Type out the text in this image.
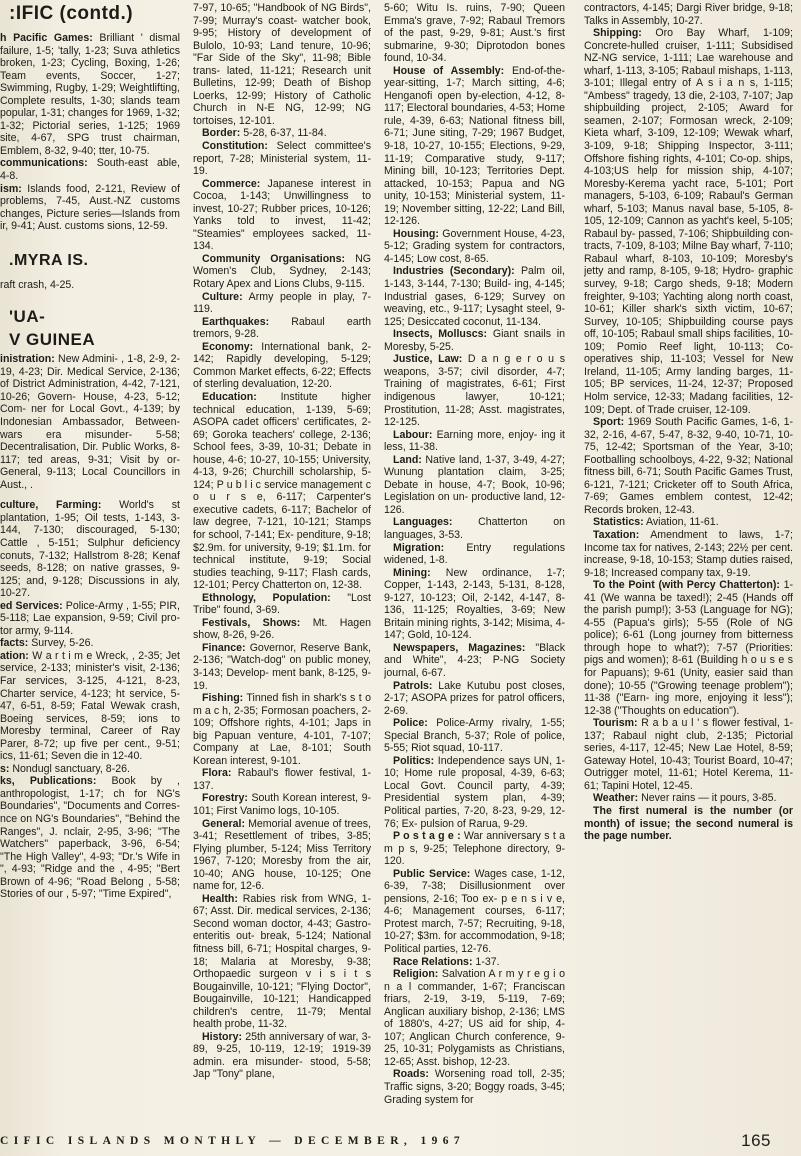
:IFIC (contd.)

h Pacific Games: Brilliant ' dismal failure, 1-5; 'tally, 1-23; Suva athletics broken, 1-23; Cycling, Boxing, 1-26; Team events, Soccer, 1-27; Swimming, Rugby, 1-29; Weightlifting, Complete results, 1-30; slands team popular, 1-31; changes for 1969, 1-32; 1-32; Pictorial series, 1-125; 1969 site, 4-67, SPG trust chairman, Emblem, 8-32, 9-40; tter, 10-75.

communications: South-east able, 4-8.

ism: Islands food, 2-121, Review of problems, 7-45, Aust.-NZ customs changes, Picture series—Islands from ir, 9-41; Aust. customs sions, 12-59.

.MYRA IS.

raft crash, 4-25.

'UA-

V GUINEA

inistration: New Admini- , 1-8, 2-9, 2-19, 4-23; Dir. Medical Service, 2-136; of District Administration, 4-42, 7-121, 10-26; Govern- House, 4-23, 5-12; Com- ner for Local Govt., 4-139; by Indonesian Ambassador, Between-wars era misunder- 5-58; Decentralisation, Dir. Public Works, 8-117; ted areas, 9-31; Visit by or-General, 9-113; Local Councillors in Aust., .

culture, Farming: World's st plantation, 1-95; Oil tests, 1-143, 3-144, 7-130; discouraged, 5-130; Cattle , 5-151; Sulphur deficiency conuts, 7-132; Hallstrom 8-28; Kenaf seeds, 8-128; on native grasses, 9-125; and, 9-128; Discussions in aly, 10-27.

ed Services: Police-Army , 1-55; PIR, 5-118; Lae expansion, 9-59; Civil pro- tor army, 9-114.

facts: Survey, 5-26.

ation: W a r t i m e Wreck, , 2-35; Jet service, 2-133; minister's visit, 2-136; Far services, 3-125, 4-121, 8-23, Charter service, 4-123; ht service, 5-47, 6-51, 8-59; Fatal Wewak crash, Boeing services, 8-59; ions to Moresby terminal, Career of Ray Parer, 8-72; up five per cent., 9-51; ics, 11-61; Seven die in 12-40.

s: Nondugl sanctuary, 8-26.

ks, Publications: Book by , anthropologist, 1-17; ch for NG's Boundaries", "Documents and Corres- nce on NG's Boundaries", "Behind the Ranges", J. nclair, 2-95, 3-96; "The Watchers" paperback, 3-96, 6-54; "The High Valley", 4-93; "Dr.'s Wife in ", 4-93; "Ridge and the , 4-95; "Bert Brown of 4-96; "Road Belong , 5-58; Stories of our , 5-97; "Time Expired",

7-97, 10-65; "Handbook of NG Birds", 7-99; Murray's coast- watcher book, 9-95; History of development of Bulolo, 10-93; Land tenure, 10-96; "Far Side of the Sky", 11-98; Bible trans- lated, 11-121; Research unit Bulletins, 12-99; Death of Bishop Loerks, 12-99; History of Catholic Church in N-E NG, 12-99; NG tortoises, 12-101.

Border: 5-28, 6-37, 11-84.

Constitution: Select committee's report, 7-28; Ministerial system, 11-19.

Commerce: Japanese interest in Cocoa, 1-143; Unwillingness to invest, 10-27; Rubber prices, 10-126; Yanks told to invest, 11-42; "Steamies" employees sacked, 11-134.

Community Organisations: NG Women's Club, Sydney, 2-143; Rotary Apex and Lions Clubs, 9-115.

Culture: Army people in play, 7-119.

Earthquakes: Rabaul earth tremors, 9-28.

Economy: International bank, 2-142; Rapidly developing, 5-129; Common Market effects, 6-22; Effects of sterling devaluation, 12-20.

Education: Institute higher technical education, 1-139, 5-69; ASOPA cadet officers' certificates, 2-69; Goroka teachers' college, 2-136; School fees, 3-39, 10-31; Debate in house, 4-6; 10-27, 10-155; University, 4-13, 9-26; Churchill scholarship, 5-124; P u b l i c service management c o u r s e, 6-117; Carpenter's executive cadets, 6-117; Bachelor of law degree, 7-121, 10-121; Stamps for school, 7-141; Ex- penditure, 9-18; $2.9m. for university, 9-19; $1.1m. for technical institute, 9-19; Social studies teaching, 9-117; Flash cards, 12-101; Percy Chatterton on, 12-38.

Ethnology, Population: "Lost Tribe" found, 3-69.

Festivals, Shows: Mt. Hagen show, 8-26, 9-26.

Finance: Governor, Reserve Bank, 2-136; "Watch-dog" on public money, 3-143; Develop- ment bank, 8-125, 9-19.

Fishing: Tinned fish in shark's s t o m a c h, 2-35; Formosan poachers, 2-109; Offshore rights, 4-101; Japs in big Papuan venture, 4-101, 7-107; Company at Lae, 8-101; South Korean interest, 9-101.

Flora: Rabaul's flower festival, 1-137.

Forestry: South Korean interest, 9-101; First Vanimo logs, 10-105.

General: Memorial avenue of trees, 3-41; Resettlement of tribes, 3-85; Flying plumber, 5-124; Miss Territory 1967, 7-120; Moresby from the air, 10-40; ANG house, 10-125; One name for, 12-6.

Health: Rabies risk from WNG, 1-67; Asst. Dir. medical services, 2-136; Second woman doctor, 4-43; Gastro-enteritis out- break, 5-124; National fitness bill, 6-71; Hospital charges, 9-18; Malaria at Moresby, 9-38; Orthopaedic surgeon v i s i t s Bougainville, 10-121; "Flying Doctor", Bougainville, 10-121; Handicapped children's centre, 11-79; Mental health probe, 11-32.

History: 25th anniversary of war, 3-89, 9-25, 10-119, 12-19; 1919-39 admin. era misunder- stood, 5-58; Jap "Tony" plane,

5-60; Witu Is. ruins, 7-90; Queen Emma's grave, 7-92; Rabaul Tremors of the past, 9-29, 9-81; Aust.'s first submarine, 9-30; Diprotodon bones found, 10-34.

House of Assembly: End-of-the- year-sitting, 1-7; March sitting, 4-6; Henganofi open by-election, 4-12, 8-117; Electoral boundaries, 4-53; Home rule, 4-39, 6-63; National fitness bill, 6-71; June siting, 7-29; 1967 Budget, 9-18, 10-27, 10-155; Elections, 9-29, 11-19; Comparative study, 9-117; Mining bill, 10-123; Territories Dept. attacked, 10-153; Papua and NG unity, 10-153; Ministerial system, 11-19; November sitting, 12-22; Land Bill, 12-126.

Housing: Government House, 4-23, 5-12; Grading system for contractors, 4-145; Low cost, 8-65.

Industries (Secondary): Palm oil, 1-143, 3-144, 7-130; Build- ing, 4-145; Industrial gases, 6-129; Survey on weaving, etc., 9-117; Lysaght steel, 9-125; Desiccated coconut, 11-134.

Insects, Molluscs: Giant snails in Moresby, 5-25.

Justice, Law: D a n g e r o u s weapons, 3-57; civil disorder, 4-7; Training of magistrates, 6-61; First indigenous lawyer, 10-121; Prostitution, 11-28; Asst. magistrates, 12-125.

Labour: Earning more, enjoy- ing it less, 11-38.

Land: Native land, 1-37, 3-49, 4-27; Wunung plantation claim, 3-25; Debate in house, 4-7; Book, 10-96; Legislation on un- productive land, 12-126.

Languages: Chatterton on languages, 3-53.

Migration: Entry regulations widened, 1-8.

Mining: New ordinance, 1-7; Copper, 1-143, 2-143, 5-131, 8-128, 9-127, 10-123; Oil, 2-142, 4-147, 8-136, 11-125; Royalties, 3-69; New Britain mining rights, 3-142; Misima, 4-147; Gold, 10-124.

Newspapers, Magazines: "Black and White", 4-23; P-NG Society journal, 6-67.

Patrols: Lake Kutubu post closes, 2-17; ASOPA prizes for patrol officers, 2-69.

Police: Police-Army rivalry, 1-55; Special Branch, 5-37; Role of police, 5-55; Riot squad, 10-117.

Politics: Independence says UN, 1-10; Home rule proposal, 4-39, 6-63; Local Govt. Council party, 4-39; Presidential system plan, 4-39; Political parties, 7-20, 8-23, 9-29, 12-76; Ex- pulsion of Rarua, 9-29.

P o s t a g e : War anniversary s t a m p s, 9-25; Telephone directory, 9-120.

Public Service: Wages case, 1-12, 6-39, 7-38; Disillusionment over pensions, 2-16; Too ex- p e n s i v e, 4-6; Management courses, 6-117; Protest march, 7-57; Recruiting, 9-18, 10-27; $3m. for accommodation, 9-18; Political parties, 12-76.

Race Relations: 1-37.

Religion: Salvation A r m y r e g i o n a l commander, 1-67; Franciscan friars, 2-19, 3-19, 5-119, 7-69; Anglican auxiliary bishop, 2-136; LMS of 1880's, 4-27; US aid for ship, 4-107; Anglican Church conference, 9-25, 10-31; Polygamists as Christians, 12-65; Asst. bishop, 12-23.

Roads: Worsening road toll, 2-35; Traffic signs, 3-20; Boggy roads, 3-45; Grading system for

contractors, 4-145; Dargi River bridge, 9-18; Talks in Assembly, 10-27.

Shipping: Oro Bay Wharf, 1-109; Concrete-hulled cruiser, 1-111; Subsidised NZ-NG service, 1-111; Lae warehouse and wharf, 1-113, 3-105; Rabaul mishaps, 1-113, 3-101; Illegal entry of A s i a n s, 1-115; "Ambess" tragedy, 13 die, 2-103, 7-107; Jap shipbuilding project, 2-105; Award for seamen, 2-107; Formosan wreck, 2-109; Kieta wharf, 3-109, 12-109; Wewak wharf, 3-109, 9-18; Shipping Inspector, 3-111; Offshore fishing rights, 4-101; Co-op. ships, 4-103;US help for mission ship, 4-107; Moresby-Kerema yacht race, 5-101; Port managers, 5-103, 6-109; Rabaul's German wharf, 5-103; Manus naval base, 5-105, 8-105, 12-109; Cannon as yacht's keel, 5-105; Rabaul by- passed, 7-106; Shipbuilding con- tracts, 7-109, 8-103; Milne Bay wharf, 7-110; Rabaul wharf, 8-103, 10-109; Moresby's jetty and ramp, 8-105, 9-18; Hydro- graphic survey, 9-18; Cargo sheds, 9-18; Modern freighter, 9-103; Yachting along north coast, 10-61; Killer shark's sixth victim, 10-67; Survey, 10-105; Shipbuilding course pays off, 10-105; Rabaul small ships facilities, 10-109; Pomio Reef light, 10-113; Co-operatives ship, 11-103; Vessel for New Ireland, 11-105; Army landing barges, 11-105; BP services, 11-24, 12-37; Proposed Holm service, 12-33; Madang facilities, 12-109; Dept. of Trade cruiser, 12-109.

Sport: 1969 South Pacific Games, 1-6, 1-32, 2-16, 4-67, 5-47, 8-32, 9-40, 10-71, 10-75, 12-42; Sportsman of the Year, 3-10; Footballing schoolboys, 4-22, 9-32; National fitness bill, 6-71; South Pacific Games Trust, 6-121, 7-121; Cricketer off to South Africa, 7-69; Games emblem contest, 12-42; Records broken, 12-43.

Statistics: Aviation, 11-61.

Taxation: Amendment to laws, 1-7; Income tax for natives, 2-143; 22½ per cent. increase, 9-18, 10-153; Stamp duties raised, 9-18; Increased company tax, 9-19.

To the Point (with Percy Chatterton): 1-41 (We wanna be taxed!); 2-45 (Hands off the parish pump!); 3-53 (Language for NG); 4-55 (Papua's girls); 5-55 (Role of NG police); 6-61 (Long journey from bitterness through hope to what?); 7-57 (Priorities: pigs and women); 8-61 (Building h o u s e s for Papuans); 9-61 (Unity, easier said than done); 10-55 ("Growing teenage problem"); 11-38 ("Earn- ing more, enjoying it less"); 12-38 ("Thoughts on education").

Tourism: R a b a u l ' s flower festival, 1-137; Rabaul night club, 2-135; Pictorial series, 4-117, 12-45; New Lae Hotel, 8-59; Gateway Hotel, 10-43; Tourist Board, 10-47; Outrigger motel, 11-61; Hotel Kerema, 11-61; Tapini Hotel, 12-45.

Weather: Never rains — it pours, 3-85.

The first numeral is the number (or month) of issue; the second numeral is the page number.

CIFIC ISLANDS MONTHLY — DECEMBER, 1967	165
